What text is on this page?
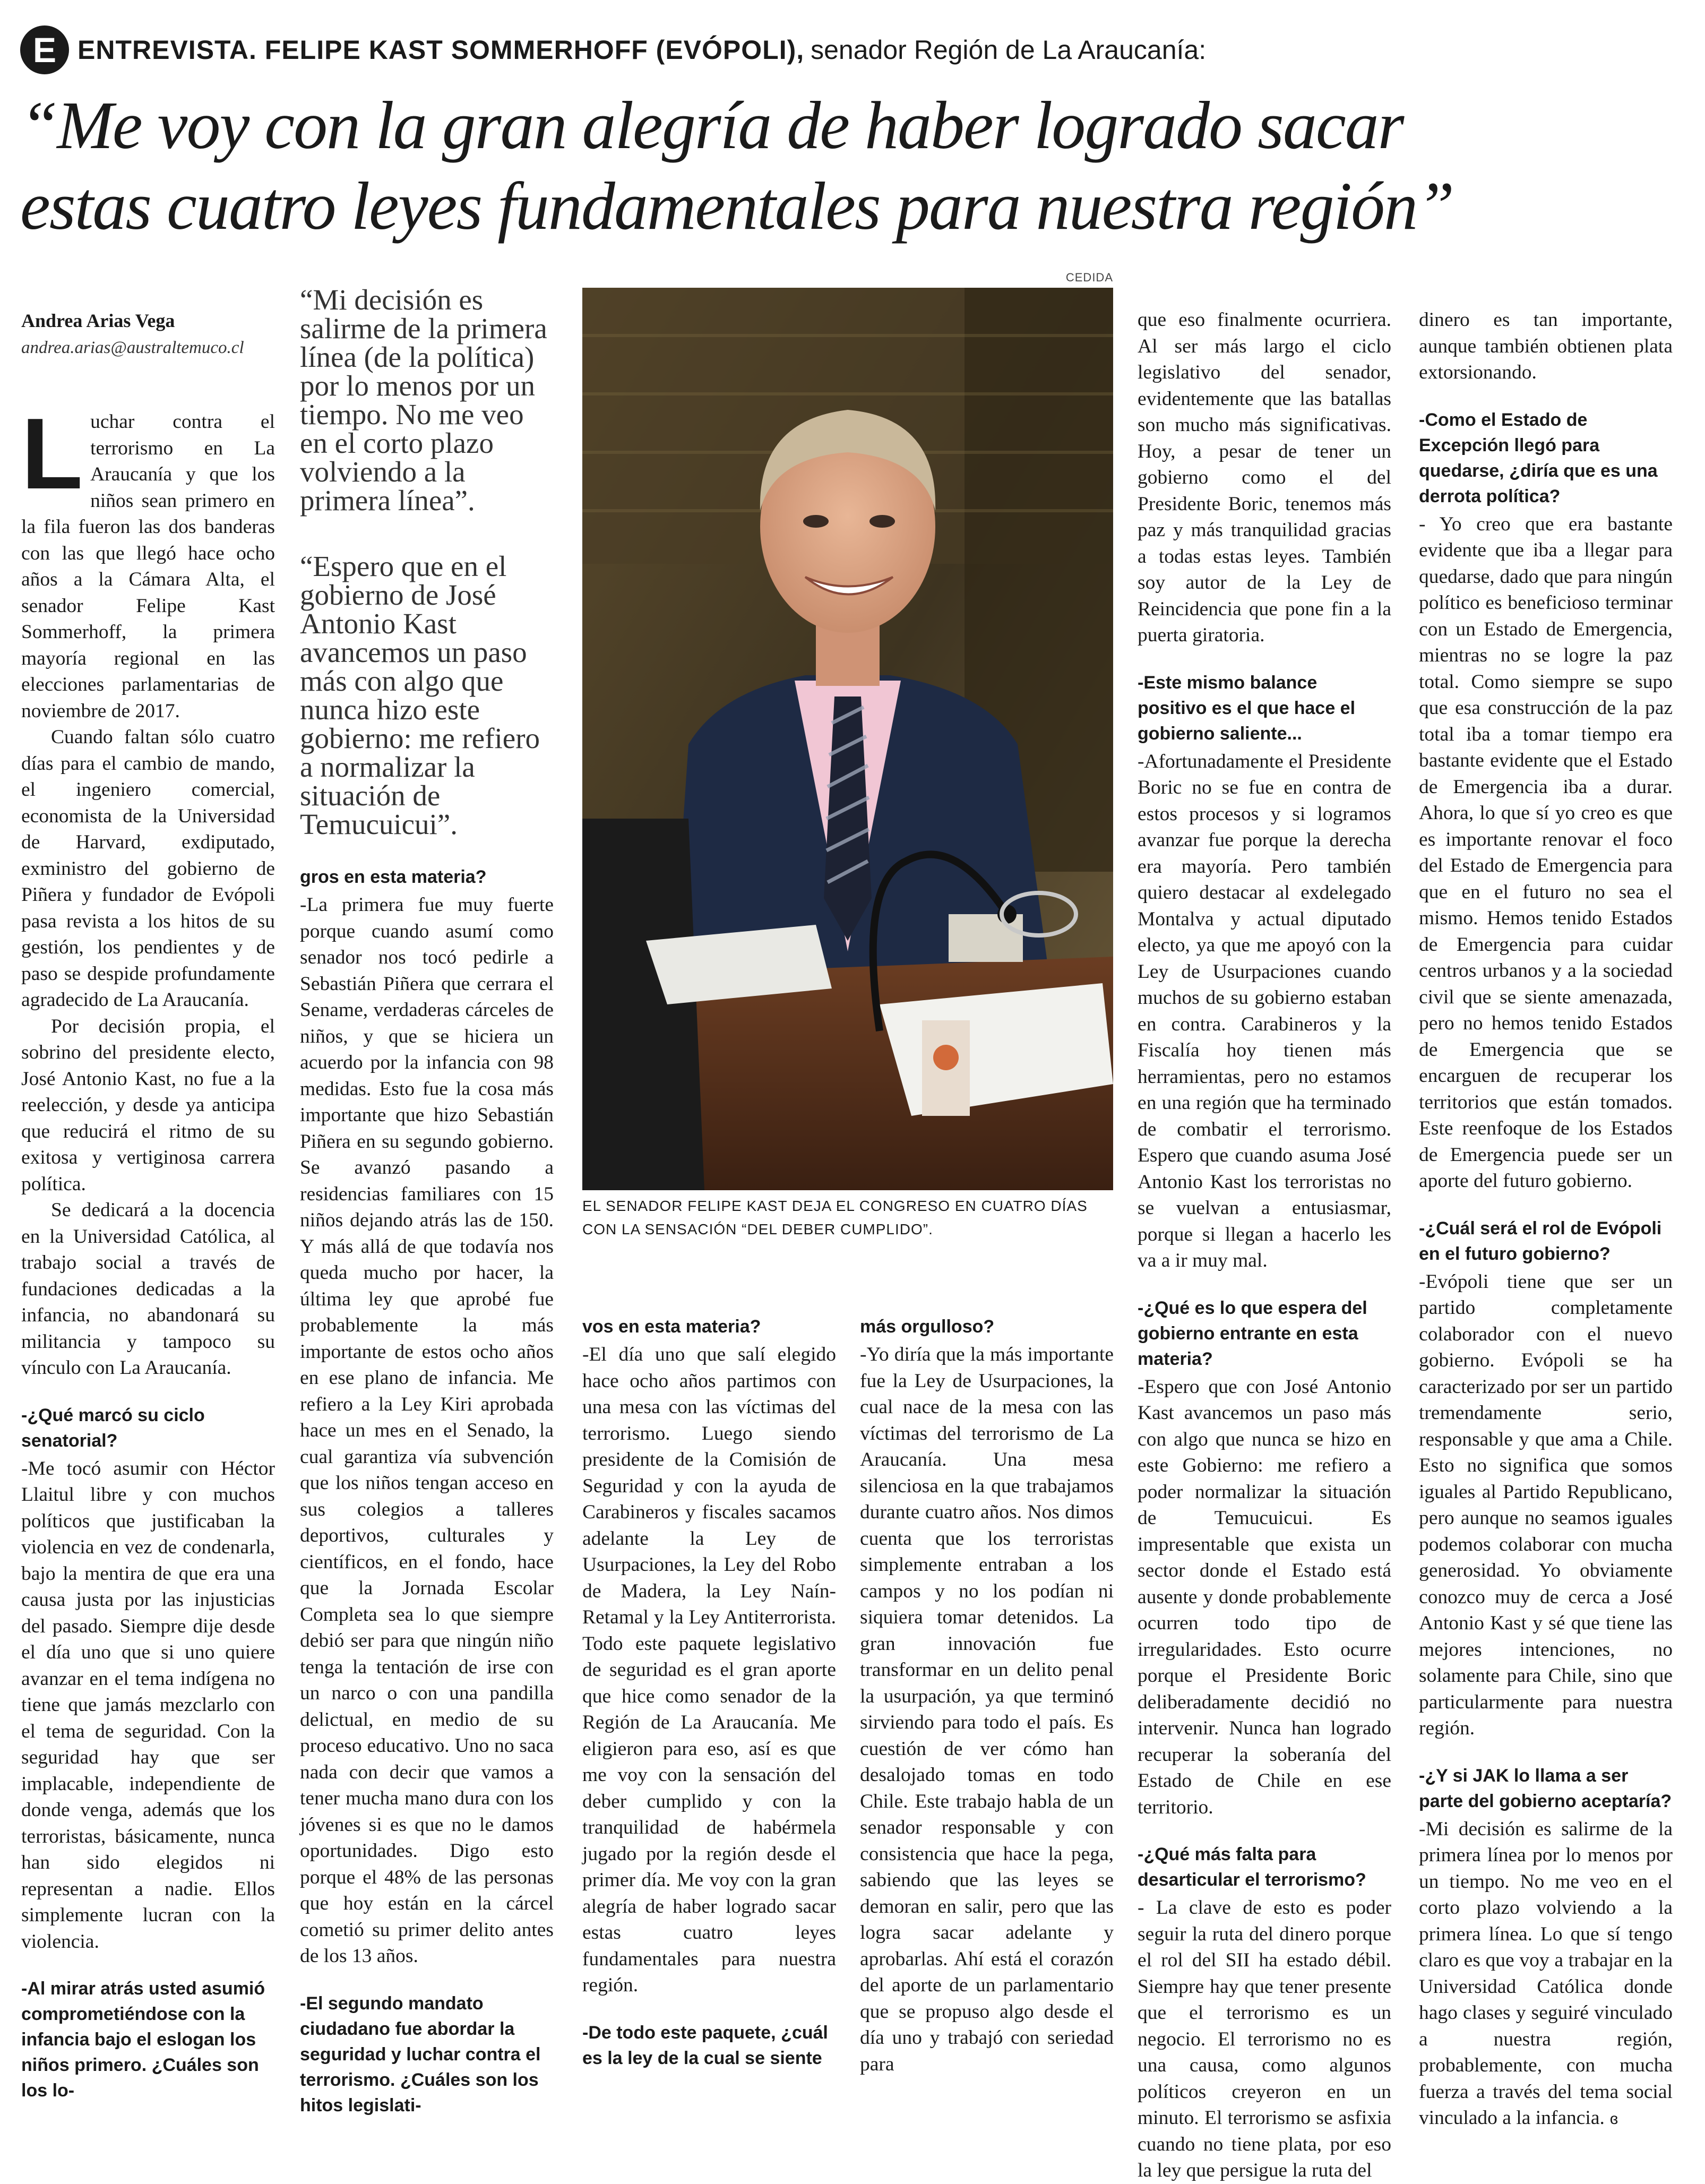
E ENTREVISTA. FELIPE KAST SOMMERHOFF (EVÓPOLI), senador Región de La Araucanía:
“Me voy con la gran alegría de haber logrado sacar
estas cuatro leyes fundamentales para nuestra región”
Andrea Arias Vega
andrea.arias@australtemuco.cl

Luchar contra el terrorismo en La Araucanía y que los niños sean primero en la fila fueron las dos banderas con las que llegó hace ocho años a la Cámara Alta, el senador Felipe Kast Sommerhoff, la primera mayoría regional en las elecciones parlamentarias de noviembre de 2017.

Cuando faltan sólo cuatro días para el cambio de mando, el ingeniero comercial, economista de la Universidad de Harvard, exdiputado, exministro del gobierno de Piñera y fundador de Evópoli pasa revista a los hitos de su gestión, los pendientes y de paso se despide profundamente agradecido de La Araucanía.

Por decisión propia, el sobrino del presidente electo, José Antonio Kast, no fue a la reelección, y desde ya anticipa que reducirá el ritmo de su exitosa y vertiginosa carrera política.

Se dedicará a la docencia en la Universidad Católica, al trabajo social a través de fundaciones dedicadas a la infancia, no abandonará su militancia y tampoco su vínculo con La Araucanía.

-¿Qué marcó su ciclo senatorial?

-Me tocó asumir con Héctor Llaitul libre y con muchos políticos que justificaban la violencia en vez de condenarla, bajo la mentira de que era una causa justa por las injusticias del pasado. Siempre dije desde el día uno que si uno quiere avanzar en el tema indígena no tiene que jamás mezclarlo con el tema de seguridad. Con la seguridad hay que ser implacable, independiente de donde venga, además que los terroristas, básicamente, nunca han sido elegidos ni representan a nadie. Ellos simplemente lucran con la violencia.

-Al mirar atrás usted asumió comprometiéndose con la infancia bajo el eslogan los niños primero. ¿Cuáles son los lo-

“Mi decisión es salirme de la primera línea (de la política) por lo menos por un tiempo. No me veo en el corto plazo volviendo a la primera línea”.
“Espero que en el gobierno de José Antonio Kast avancemos un paso más con algo que nunca hizo este gobierno: me refiero a normalizar la situación de Temucuicui”.

gros en esta materia?

-La primera fue muy fuerte porque cuando asumí como senador nos tocó pedirle a Sebastián Piñera que cerrara el Sename, verdaderas cárceles de niños, y que se hiciera un acuerdo por la infancia con 98 medidas. Esto fue la cosa más importante que hizo Sebastián Piñera en su segundo gobierno. Se avanzó pasando a residencias familiares con 15 niños dejando atrás las de 150. Y más allá de que todavía nos queda mucho por hacer, la última ley que aprobé fue probablemente la más importante de estos ocho años en ese plano de infancia. Me refiero a la Ley Kiri aprobada hace un mes en el Senado, la cual garantiza vía subvención que los niños tengan acceso en sus colegios a talleres deportivos, culturales y científicos, en el fondo, hace que la Jornada Escolar Completa sea lo que siempre debió ser para que ningún niño tenga la tentación de irse con un narco o con una pandilla delictual, en medio de su proceso educativo. Uno no saca nada con decir que vamos a tener mucha mano dura con los jóvenes si es que no le damos oportunidades. Digo esto porque el 48% de las personas que hoy están en la cárcel cometió su primer delito antes de los 13 años.

-El segundo mandato ciudadano fue abordar la seguridad y luchar contra el terrorismo. ¿Cuáles son los hitos legislati-

CEDIDA
EL SENADOR FELIPE KAST DEJA EL CONGRESO EN CUATRO DÍAS CON LA SENSACIÓN “DEL DEBER CUMPLIDO”.

vos en esta materia?

-El día uno que salí elegido hace ocho años partimos con una mesa con las víctimas del terrorismo. Luego siendo presidente de la Comisión de Seguridad y con la ayuda de Carabineros y fiscales sacamos adelante la Ley de Usurpaciones, la Ley del Robo de Madera, la Ley Naín-Retamal y la Ley Antiterrorista. Todo este paquete legislativo de seguridad es el gran aporte que hice como senador de la Región de La Araucanía. Me eligieron para eso, así es que me voy con la sensación del deber cumplido y con la tranquilidad de habérmela jugado por la región desde el primer día. Me voy con la gran alegría de haber logrado sacar estas cuatro leyes fundamentales para nuestra región.

-De todo este paquete, ¿cuál es la ley de la cual se siente

más orgulloso?

-Yo diría que la más importante fue la Ley de Usurpaciones, la cual nace de la mesa con las víctimas del terrorismo de La Araucanía. Una mesa silenciosa en la que trabajamos durante cuatro años. Nos dimos cuenta que los terroristas simplemente entraban a los campos y no los podían ni siquiera tomar detenidos. La gran innovación fue transformar en un delito penal la usurpación, ya que terminó sirviendo para todo el país. Es cuestión de ver cómo han desalojado tomas en todo Chile. Este trabajo habla de un senador responsable y con consistencia que hace la pega, sabiendo que las leyes se demoran en salir, pero que las logra sacar adelante y aprobarlas. Ahí está el corazón del aporte de un parlamentario que se propuso algo desde el día uno y trabajó con seriedad para

que eso finalmente ocurriera. Al ser más largo el ciclo legislativo del senador, evidentemente que las batallas son mucho más significativas. Hoy, a pesar de tener un gobierno como el del Presidente Boric, tenemos más paz y más tranquilidad gracias a todas estas leyes. También soy autor de la Ley de Reincidencia que pone fin a la puerta giratoria.

-Este mismo balance positivo es el que hace el gobierno saliente...

-Afortunadamente el Presidente Boric no se fue en contra de estos procesos y si logramos avanzar fue porque la derecha era mayoría. Pero también quiero destacar al exdelegado Montalva y actual diputado electo, ya que me apoyó con la Ley de Usurpaciones cuando muchos de su gobierno estaban en contra. Carabineros y la Fiscalía hoy tienen más herramientas, pero no estamos en una región que ha terminado de combatir el terrorismo. Espero que cuando asuma José Antonio Kast los terroristas no se vuelvan a entusiasmar, porque si llegan a hacerlo les va a ir muy mal.

-¿Qué es lo que espera del gobierno entrante en esta materia?

-Espero que con José Antonio Kast avancemos un paso más con algo que nunca se hizo en este Gobierno: me refiero a poder normalizar la situación de Temucuicui. Es impresentable que exista un sector donde el Estado está ausente y donde probablemente ocurren todo tipo de irregularidades. Esto ocurre porque el Presidente Boric deliberadamente decidió no intervenir. Nunca han logrado recuperar la soberanía del Estado de Chile en ese territorio.

-¿Qué más falta para desarticular el terrorismo?

- La clave de esto es poder seguir la ruta del dinero porque el rol del SII ha estado débil. Siempre hay que tener presente que el terrorismo es un negocio. El terrorismo no es una causa, como algunos políticos creyeron en un minuto. El terrorismo se asfixia cuando no tiene plata, por eso la ley que persigue la ruta del

dinero es tan importante, aunque también obtienen plata extorsionando.

-Como el Estado de Excepción llegó para quedarse, ¿diría que es una derrota política?

- Yo creo que era bastante evidente que iba a llegar para quedarse, dado que para ningún político es beneficioso terminar con un Estado de Emergencia, mientras no se logre la paz total. Como siempre se supo que esa construcción de la paz total iba a tomar tiempo era bastante evidente que el Estado de Emergencia iba a durar. Ahora, lo que sí yo creo es que es importante renovar el foco del Estado de Emergencia para que en el futuro no sea el mismo. Hemos tenido Estados de Emergencia para cuidar centros urbanos y a la sociedad civil que se siente amenazada, pero no hemos tenido Estados de Emergencia que se encarguen de recuperar los territorios que están tomados. Este reenfoque de los Estados de Emergencia puede ser un aporte del futuro gobierno.

-¿Cuál será el rol de Evópoli en el futuro gobierno?

-Evópoli tiene que ser un partido completamente colaborador con el nuevo gobierno. Evópoli se ha caracterizado por ser un partido tremendamente serio, responsable y que ama a Chile. Esto no significa que somos iguales al Partido Republicano, pero aunque no seamos iguales podemos colaborar con mucha generosidad. Yo obviamente conozco muy de cerca a José Antonio Kast y sé que tiene las mejores intenciones, no solamente para Chile, sino que particularmente para nuestra región.

-¿Y si JAK lo llama a ser parte del gobierno aceptaría?

-Mi decisión es salirme de la primera línea por lo menos por un tiempo. No me veo en el corto plazo volviendo a la primera línea. Lo que sí tengo claro es que voy a trabajar en la Universidad Católica donde hago clases y seguiré vinculado a nuestra región, probablemente, con mucha fuerza a través del tema social vinculado a la infancia. ɞ
